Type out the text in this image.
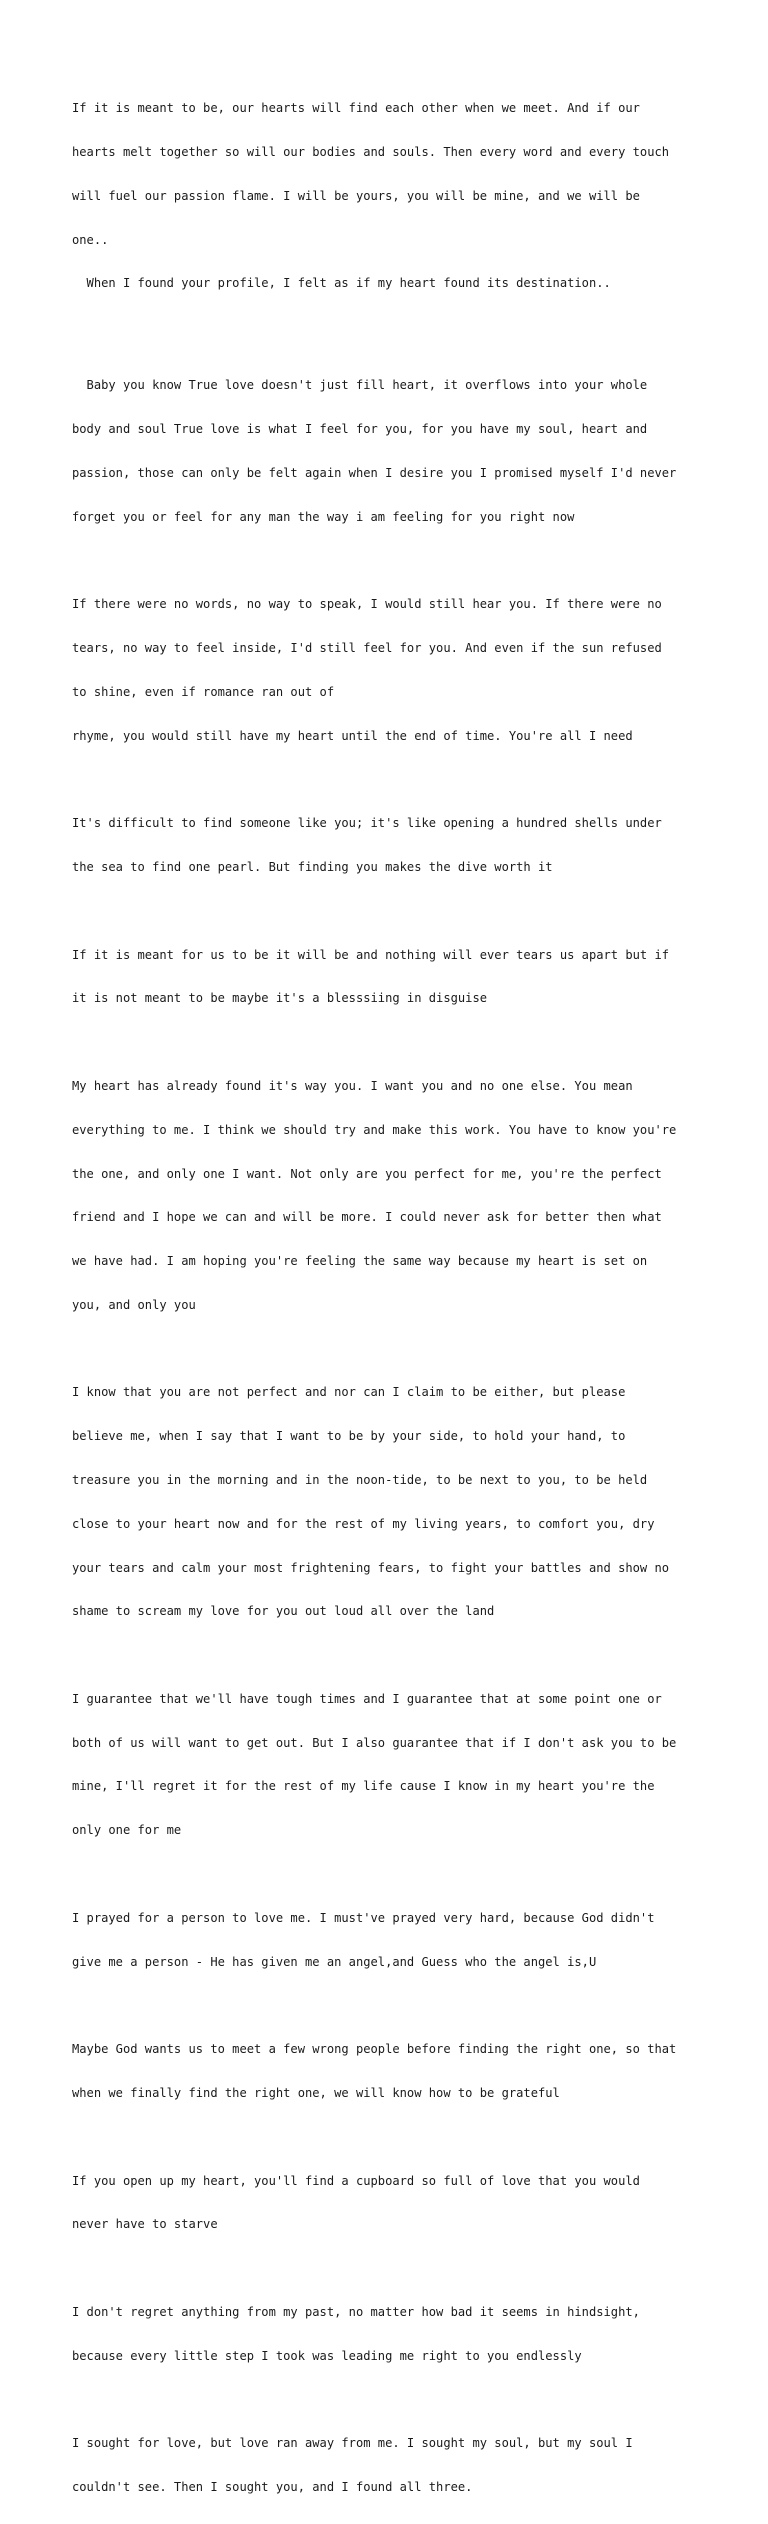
If it is meant to be, our hearts will find each other when we meet. And if our

hearts melt together so will our bodies and souls. Then every word and every touch

will fuel our passion flame. I will be yours, you will be mine, and we will be

one..

When I found your profile, I felt as if my heart found its destination..

Baby you know True love doesn't just fill heart, it overflows into your whole

body and soul True love is what I feel for you, for you have my soul, heart and

passion, those can only be felt again when I desire you I promised myself I'd never

forget you or feel for any man the way i am feeling for you right now

If there were no words, no way to speak, I would still hear you. If there were no

tears, no way to feel inside, I'd still feel for you. And even if the sun refused

to shine, even if romance ran out of

rhyme, you would still have my heart until the end of time. You're all I need

It's difficult to find someone like you; it's like opening a hundred shells under

the sea to find one pearl. But finding you makes the dive worth it

If it is meant for us to be it will be and nothing will ever tears us apart but if

it is not meant to be maybe it's a blesssiing in disguise

My heart has already found it's way you. I want you and no one else. You mean

everything to me. I think we should try and make this work. You have to know you're

the one, and only one I want. Not only are you perfect for me, you're the perfect

friend and I hope we can and will be more. I could never ask for better then what

we have had. I am hoping you're feeling the same way because my heart is set on

you, and only you

I know that you are not perfect and nor can I claim to be either, but please

believe me, when I say that I want to be by your side, to hold your hand, to

treasure you in the morning and in the noon-tide, to be next to you, to be held

close to your heart now and for the rest of my living years, to comfort you, dry

your tears and calm your most frightening fears, to fight your battles and show no

shame to scream my love for you out loud all over the land

I guarantee that we'll have tough times and I guarantee that at some point one or

both of us will want to get out. But I also guarantee that if I don't ask you to be

mine, I'll regret it for the rest of my life cause I know in my heart you're the

only one for me

I prayed for a person to love me. I must've prayed very hard, because God didn't

give me a person - He has given me an angel,and Guess who the angel is,U

Maybe God wants us to meet a few wrong people before finding the right one, so that

when we finally find the right one, we will know how to be grateful

If you open up my heart, you'll find a cupboard so full of love that you would

never have to starve

I don't regret anything from my past, no matter how bad it seems in hindsight,

because every little step I took was leading me right to you endlessly

I sought for love, but love ran away from me. I sought my soul, but my soul I

couldn't see. Then I sought you, and I found all three.
